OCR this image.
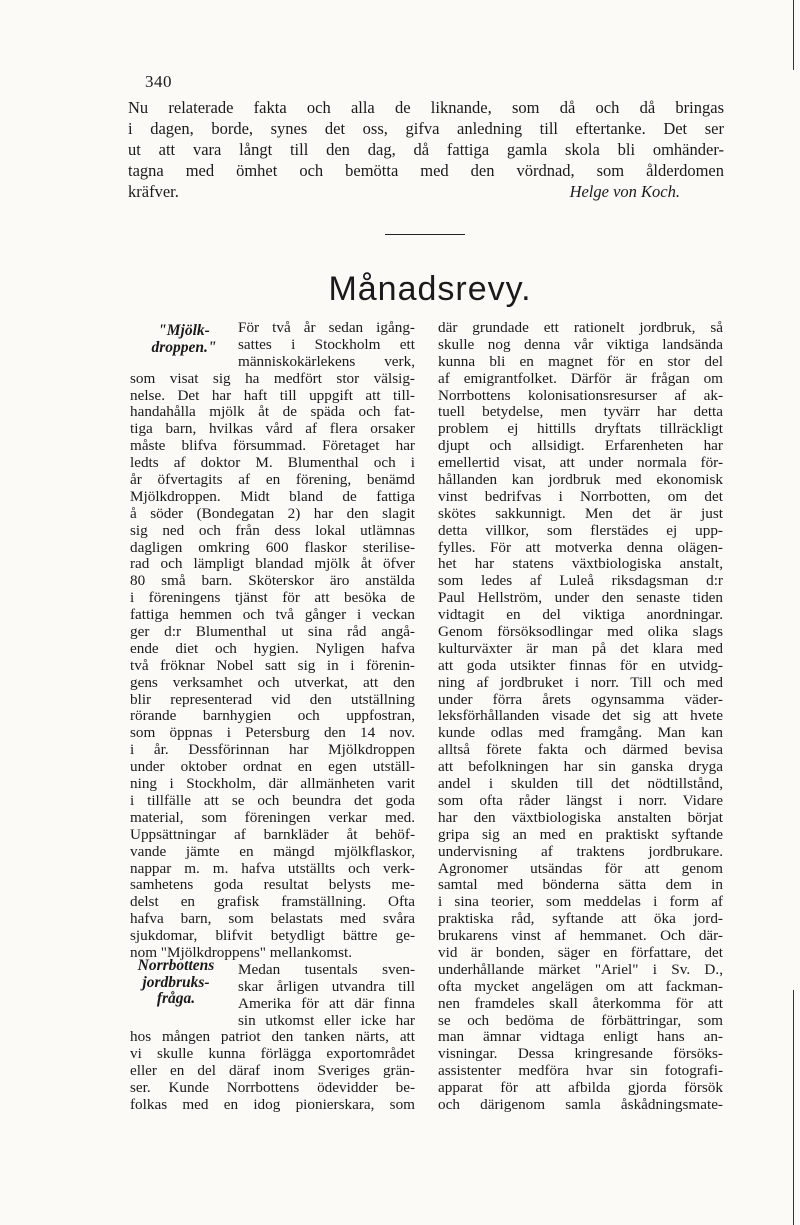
340
Nu relaterade fakta och alla de liknande, som då och då bringas
i dagen, borde, synes det oss, gifva anledning till eftertanke. Det ser
ut att vara långt till den dag, då fattiga gamla skola bli omhänder-
tagna med ömhet och bemötta med den vördnad, som ålderdomen
kräfver.	Helge von Koch.
Månadsrevy.
"Mjölk-
droppen."
Norrbottens
jordbruks-
fråga.
För två år sedan igång-
sattes i Stockholm ett
människokärlekens verk,
som visat sig ha medfört stor välsig-
nelse. Det har haft till uppgift att till-
handahålla mjölk åt de späda och fat-
tiga barn, hvilkas vård af flera orsaker
måste blifva försummad. Företaget har
ledts af doktor M. Blumenthal och i
år öfvertagits af en förening, benämd
Mjölkdroppen. Midt bland de fattiga
å söder (Bondegatan 2) har den slagit
sig ned och från dess lokal utlämnas
dagligen omkring 600 flaskor sterilise-
rad och lämpligt blandad mjölk åt öfver
80 små barn. Sköterskor äro anstälda
i föreningens tjänst för att besöka de
fattiga hemmen och två gånger i veckan
ger d:r Blumenthal ut sina råd angå-
ende diet och hygien. Nyligen hafva
två fröknar Nobel satt sig in i förenin-
gens verksamhet och utverkat, att den
blir representerad vid den utställning
rörande barnhygien och uppfostran,
som öppnas i Petersburg den 14 nov.
i år. Dessförinnan har Mjölkdroppen
under oktober ordnat en egen utställ-
ning i Stockholm, där allmänheten varit
i tillfälle att se och beundra det goda
material, som föreningen verkar med.
Uppsättningar af barnkläder åt behöf-
vande jämte en mängd mjölkflaskor,
nappar m. m. hafva utställts och verk-
samhetens goda resultat belysts me-
delst en grafisk framställning. Ofta
hafva barn, som belastats med svåra
sjukdomar, blifvit betydligt bättre ge-
nom "Mjölkdroppens" mellankomst.
Medan tusentals sven-
skar årligen utvandra till
Amerika för att där finna
sin utkomst eller icke har
hos mången patriot den tanken närts, att
vi skulle kunna förlägga exportområdet
eller en del däraf inom Sveriges grän-
ser. Kunde Norrbottens ödevidder be-
folkas med en idog pionierskara, som
där grundade ett rationelt jordbruk, så
skulle nog denna vår viktiga landsända
kunna bli en magnet för en stor del
af emigrantfolket. Därför är frågan om
Norrbottens kolonisationsresurser af ak-
tuell betydelse, men tyvärr har detta
problem ej hittills dryftats tillräckligt
djupt och allsidigt. Erfarenheten har
emellertid visat, att under normala för-
hållanden kan jordbruk med ekonomisk
vinst bedrifvas i Norrbotten, om det
skötes sakkunnigt. Men det är just
detta villkor, som flerstädes ej upp-
fylles. För att motverka denna olägen-
het har statens växtbiologiska anstalt,
som ledes af Luleå riksdagsman d:r
Paul Hellström, under den senaste tiden
vidtagit en del viktiga anordningar.
Genom försöksodlingar med olika slags
kulturväxter är man på det klara med
att goda utsikter finnas för en utvidg-
ning af jordbruket i norr. Till och med
under förra årets ogynsamma väder-
leksförhållanden visade det sig att hvete
kunde odlas med framgång. Man kan
alltså förete fakta och därmed bevisa
att befolkningen har sin ganska dryga
andel i skulden till det nödtillstånd,
som ofta råder längst i norr. Vidare
har den växtbiologiska anstalten börjat
gripa sig an med en praktiskt syftande
undervisning af traktens jordbrukare.
Agronomer utsändas för att genom
samtal med bönderna sätta dem in
i sina teorier, som meddelas i form af
praktiska råd, syftande att öka jord-
brukarens vinst af hemmanet. Och där-
vid är bonden, säger en författare, det
underhållande märket "Ariel" i Sv. D.,
ofta mycket angelägen om att fackman-
nen framdeles skall återkomma för att
se och bedöma de förbättringar, som
man ämnar vidtaga enligt hans an-
visningar. Dessa kringresande försöks-
assistenter medföra hvar sin fotografi-
apparat för att afbilda gjorda försök
och därigenom samla åskådningsmate-
